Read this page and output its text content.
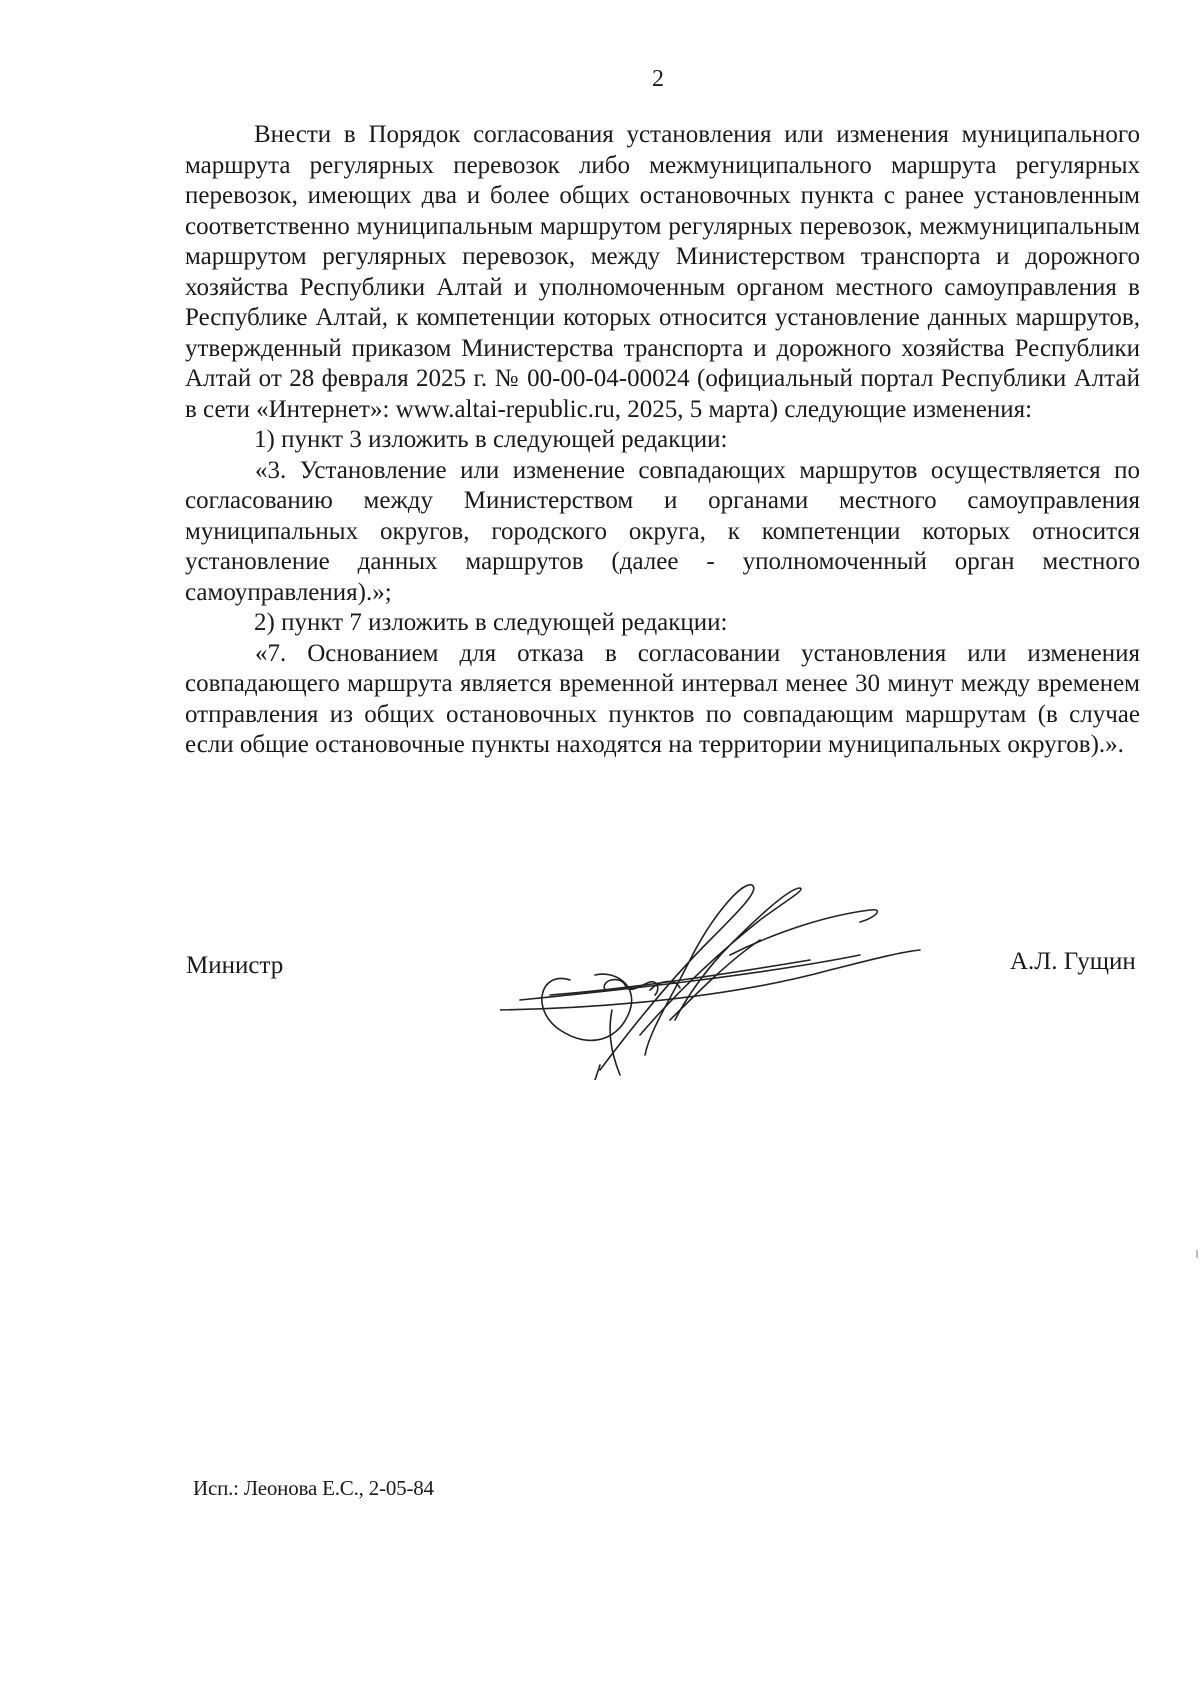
2

Внести в Порядок согласования установления или изменения муниципального маршрута регулярных перевозок либо межмуниципального маршрута регулярных перевозок, имеющих два и более общих остановочных пункта с ранее установленным соответственно муниципальным маршрутом регулярных перевозок, межмуниципальным маршрутом регулярных перевозок, между Министерством транспорта и дорожного хозяйства Республики Алтай и уполномоченным органом местного самоуправления в Республике Алтай, к компетенции которых относится установление данных маршрутов, утвержденный приказом Министерства транспорта и дорожного хозяйства Республики Алтай от 28 февраля 2025 г. № 00-00-04-00024 (официальный портал Республики Алтай в сети «Интернет»: www.altai-republic.ru, 2025, 5 марта) следующие изменения:

1) пункт 3 изложить в следующей редакции:

«3. Установление или изменение совпадающих маршрутов осуществляется по согласованию между Министерством и органами местного самоуправления муниципальных округов, городского округа, к компетенции которых относится установление данных маршрутов (далее - уполномоченный орган местного самоуправления).»;

2) пункт 7 изложить в следующей редакции:

«7. Основанием для отказа в согласовании установления или изменения совпадающего маршрута является временной интервал менее 30 минут между временем отправления из общих остановочных пунктов по совпадающим маршрутам (в случае если общие остановочные пункты находятся на территории муниципальных округов).».

Министр	А.Л. Гущин
Исп.: Леонова Е.С., 2-05-84
